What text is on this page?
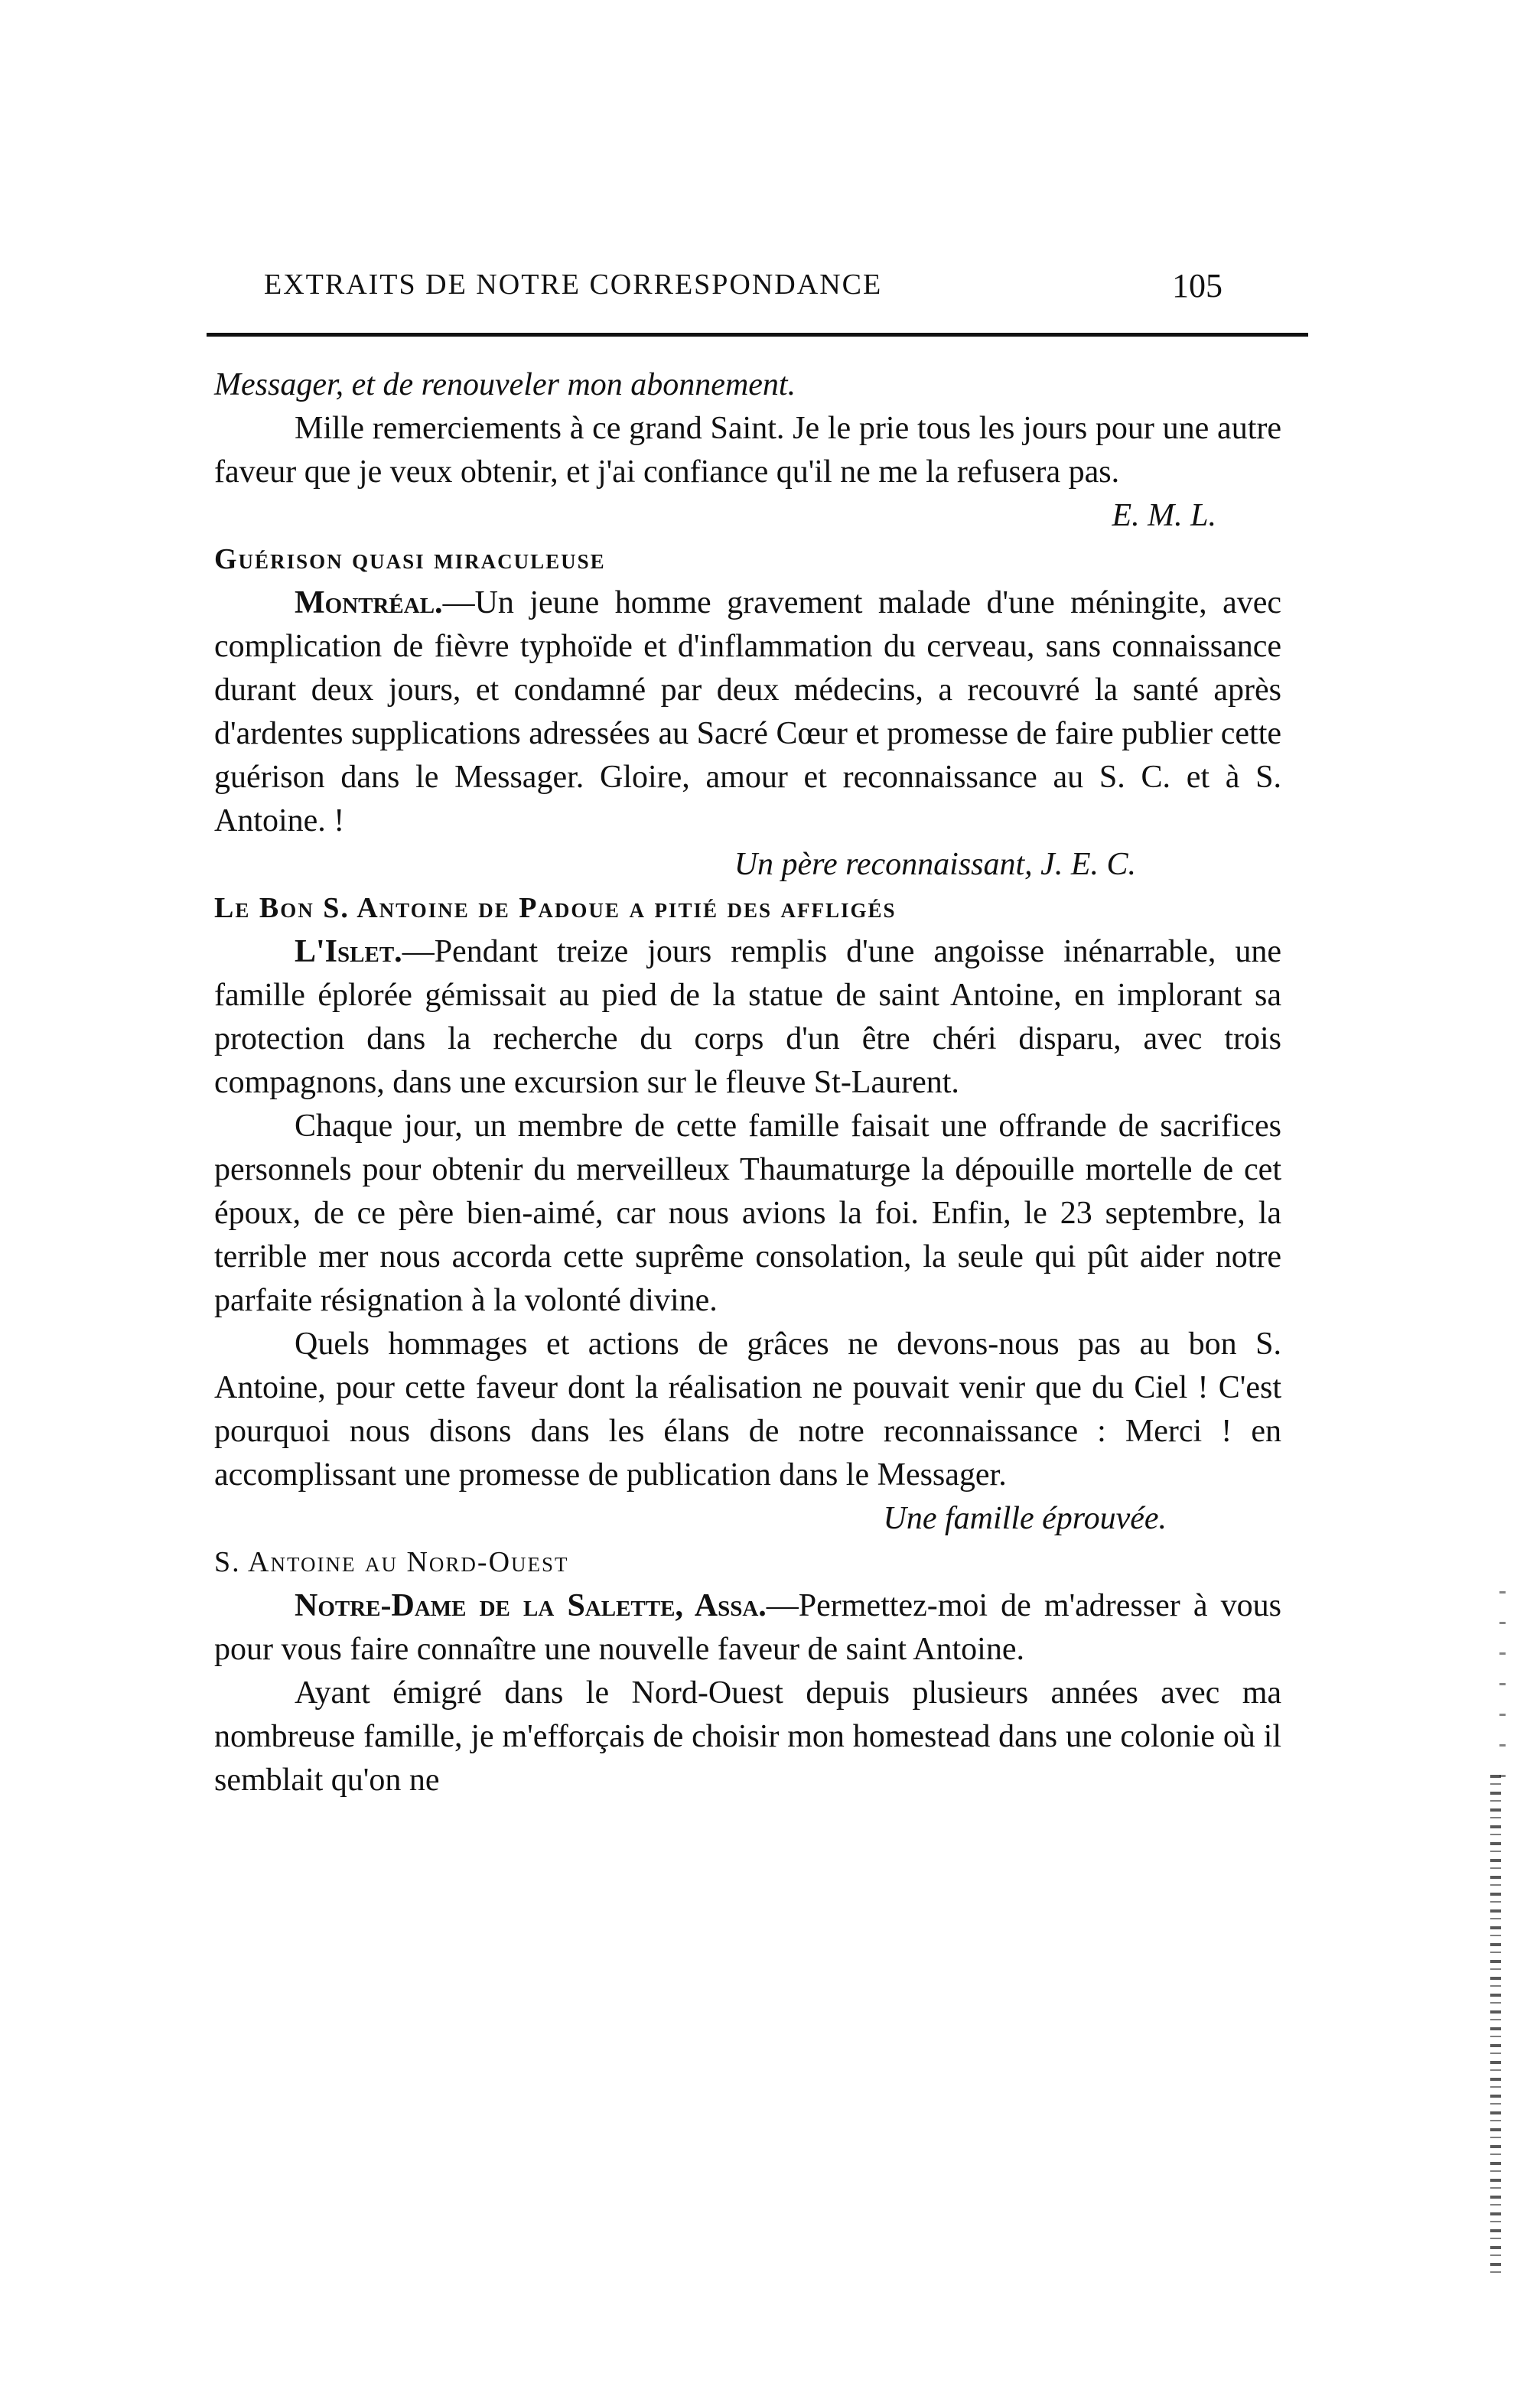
EXTRAITS DE NOTRE CORRESPONDANCE	105

Messager, et de renouveler mon abonnement.

Mille remerciements à ce grand Saint. Je le prie tous les jours pour une autre faveur que je veux obtenir, et j'ai confiance qu'il ne me la refusera pas.

E. M. L.

Guérison quasi miraculeuse

Montréal.—Un jeune homme gravement malade d'une méningite, avec complication de fièvre typhoïde et d'inflammation du cerveau, sans connaissance durant deux jours, et condamné par deux médecins, a recouvré la santé après d'ardentes supplications adressées au Sacré Cœur et promesse de faire publier cette guérison dans le Messager. Gloire, amour et reconnaissance au S. C. et à S. Antoine. !

Un père reconnaissant, J. E. C.

Le Bon S. Antoine de Padoue a pitié des affligés

L'Islet.—Pendant treize jours remplis d'une angoisse inénarrable, une famille éplorée gémissait au pied de la statue de saint Antoine, en implorant sa protection dans la recherche du corps d'un être chéri disparu, avec trois compagnons, dans une excursion sur le fleuve St-Laurent.

Chaque jour, un membre de cette famille faisait une offrande de sacrifices personnels pour obtenir du merveilleux Thaumaturge la dépouille mortelle de cet époux, de ce père bien-aimé, car nous avions la foi. Enfin, le 23 septembre, la terrible mer nous accorda cette suprême consolation, la seule qui pût aider notre parfaite résignation à la volonté divine.

Quels hommages et actions de grâces ne devons-nous pas au bon S. Antoine, pour cette faveur dont la réalisation ne pouvait venir que du Ciel ! C'est pourquoi nous disons dans les élans de notre reconnaissance : Merci ! en accomplissant une promesse de publication dans le Messager.

Une famille éprouvée.

S. Antoine au Nord-Ouest

Notre-Dame de la Salette, Assa.—Permettez-moi de m'adresser à vous pour vous faire connaître une nouvelle faveur de saint Antoine.

Ayant émigré dans le Nord-Ouest depuis plusieurs années avec ma nombreuse famille, je m'efforçais de choisir mon homestead dans une colonie où il semblait qu'on ne
